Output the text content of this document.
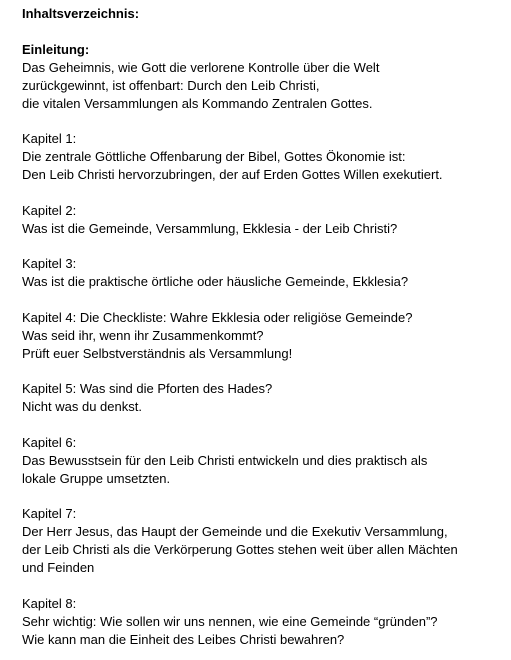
Inhaltsverzeichnis:
Einleitung:
Das Geheimnis, wie Gott die verlorene Kontrolle über die Welt
zurückgewinnt, ist offenbart: Durch den Leib Christi,
die vitalen Versammlungen als Kommando Zentralen Gottes.
Kapitel 1:
Die zentrale Göttliche Offenbarung der Bibel, Gottes Ökonomie ist:
Den Leib Christi hervorzubringen, der auf Erden Gottes Willen exekutiert.
Kapitel 2:
Was ist die Gemeinde, Versammlung, Ekklesia - der Leib Christi?
Kapitel 3:
Was ist die praktische örtliche oder häusliche Gemeinde, Ekklesia?
Kapitel 4: Die Checkliste: Wahre Ekklesia oder religiöse Gemeinde?
Was seid ihr, wenn ihr Zusammenkommt?
Prüft euer Selbstverständnis als Versammlung!
Kapitel 5: Was sind die Pforten des Hades?
Nicht was du denkst.
Kapitel 6:
Das Bewusstsein für den Leib Christi entwickeln und dies praktisch als
lokale Gruppe umsetzten.
Kapitel 7:
Der Herr Jesus, das Haupt der Gemeinde und die Exekutiv Versammlung,
der Leib Christi als die Verkörperung Gottes stehen weit über allen Mächten
und Feinden
Kapitel 8:
Sehr wichtig: Wie sollen wir uns nennen, wie eine Gemeinde “gründen”?
Wie kann man die Einheit des Leibes Christi bewahren?
